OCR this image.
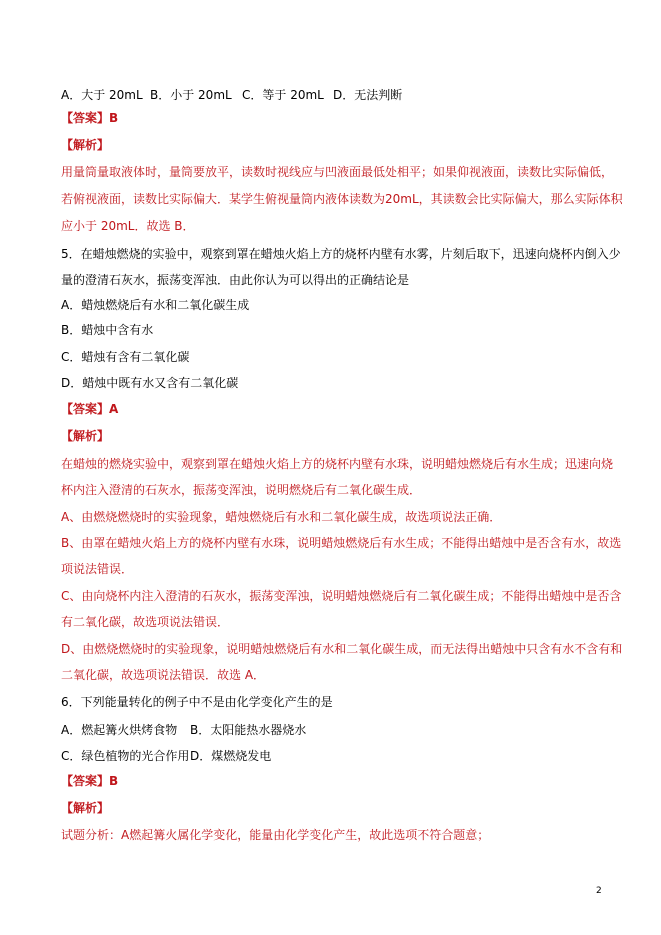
A．大于 20mL B．小于 20mL C．等于 20mL D．无法判断
【答案】B
【解析】
用量筒量取液体时，量筒要放平，读数时视线应与凹液面最低处相平；如果仰视液面，读数比实际偏低，
若俯视液面，读数比实际偏大．某学生俯视量筒内液体读数为20mL，其读数会比实际偏大，那么实际体积
应小于 20mL．故选 B．
5．在蜡烛燃烧的实验中，观察到罩在蜡烛火焰上方的烧杯内壁有水雾，片刻后取下，迅速向烧杯内倒入少
量的澄清石灰水，振荡变浑浊．由此你认为可以得出的正确结论是
A．蜡烛燃烧后有水和二氧化碳生成
B．蜡烛中含有水
C．蜡烛有含有二氧化碳
D．蜡烛中既有水又含有二氧化碳
【答案】A
【解析】
在蜡烛的燃烧实验中，观察到罩在蜡烛火焰上方的烧杯内壁有水珠，说明蜡烛燃烧后有水生成；迅速向烧
杯内注入澄清的石灰水，振荡变浑浊，说明燃烧后有二氧化碳生成．
A、由燃烧燃烧时的实验现象，蜡烛燃烧后有水和二氧化碳生成，故选项说法正确．
B、由罩在蜡烛火焰上方的烧杯内壁有水珠，说明蜡烛燃烧后有水生成；不能得出蜡烛中是否含有水，故选
项说法错误．
C、由向烧杯内注入澄清的石灰水，振荡变浑浊，说明蜡烛燃烧后有二氧化碳生成；不能得出蜡烛中是否含
有二氧化碳，故选项说法错误．
D、由燃烧燃烧时的实验现象，说明蜡烛燃烧后有水和二氧化碳生成，而无法得出蜡烛中只含有水不含有和
二氧化碳，故选项说法错误．故选 A．
6．下列能量转化的例子中不是由化学变化产生的是
A．燃起篝火烘烤食物 B．太阳能热水器烧水
C．绿色植物的光合作用 D．煤燃烧发电
【答案】B
【解析】
试题分析：A燃起篝火属化学变化，能量由化学变化产生，故此选项不符合题意；
2
